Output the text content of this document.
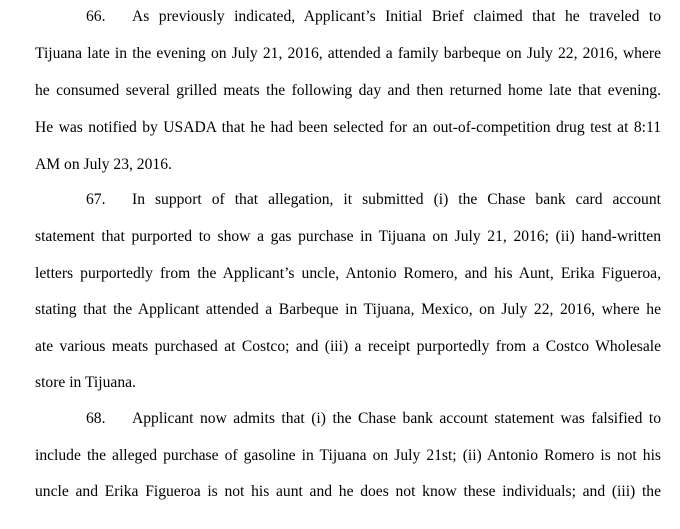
66. As previously indicated, Applicant’s Initial Brief claimed that he traveled to
Tijuana late in the evening on July 21, 2016, attended a family barbeque on July 22, 2016, where
he consumed several grilled meats the following day and then returned home late that evening.
He was notified by USADA that he had been selected for an out-of-competition drug test at 8:11
AM on July 23, 2016.
67. In support of that allegation, it submitted (i) the Chase bank card account
statement that purported to show a gas purchase in Tijuana on July 21, 2016; (ii) hand-written
letters purportedly from the Applicant’s uncle, Antonio Romero, and his Aunt, Erika Figueroa,
stating that the Applicant attended a Barbeque in Tijuana, Mexico, on July 22, 2016, where he
ate various meats purchased at Costco; and (iii) a receipt purportedly from a Costco Wholesale
store in Tijuana.
68. Applicant now admits that (i) the Chase bank account statement was falsified to
include the alleged purchase of gasoline in Tijuana on July 21st; (ii) Antonio Romero is not his
uncle and Erika Figueroa is not his aunt and he does not know these individuals; and (iii) the
